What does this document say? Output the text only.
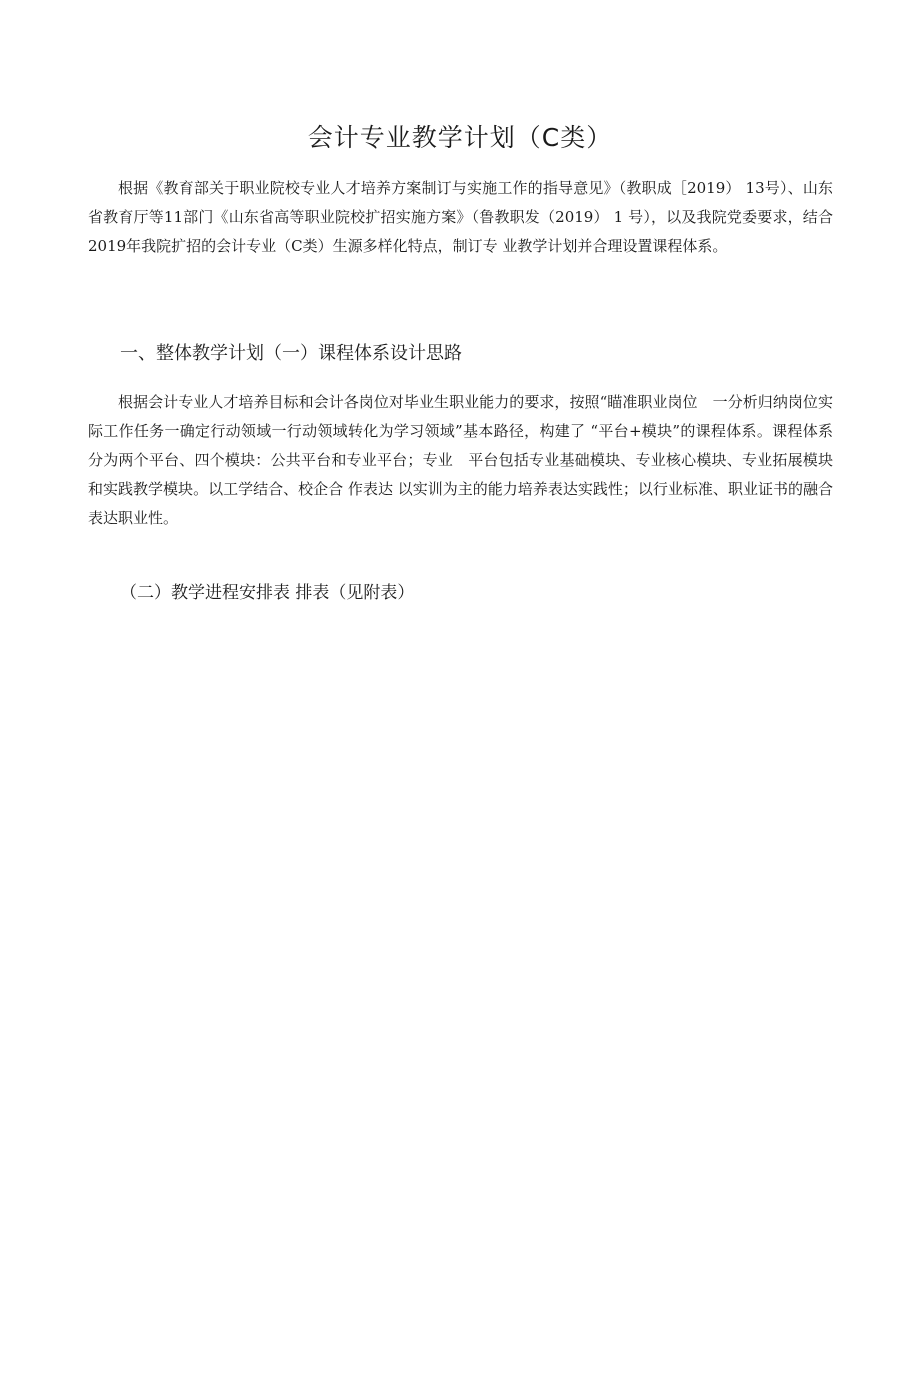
会计专业教学计划（C类）

根据《教育部关于职业院校专业人才培养方案制订与实施工作的指导意见》（教职成［2019） 13号）、山东省教育厅等11部门《山东省高等职业院校扩招实施方案》（鲁教职发（2019） 1 号），以及我院党委要求，结合2019年我院扩招的会计专业（C类）生源多样化特点，制订专 业教学计划并合理设置课程体系。

一、整体教学计划（一）课程体系设计思路

根据会计专业人才培养目标和会计各岗位对毕业生职业能力的要求，按照“瞄准职业岗位　一分析归纳岗位实际工作任务一确定行动领域一行动领域转化为学习领域”基本路径，构建了 “平台+模块”的课程体系。课程体系分为两个平台、四个模块：公共平台和专业平台；专业　平台包括专业基础模块、专业核心模块、专业拓展模块和实践教学模块。以工学结合、校企合 作表达 以实训为主的能力培养表达实践性；以行业标准、职业证书的融合表达职业性。

（二）教学进程安排表 排表（见附表）
